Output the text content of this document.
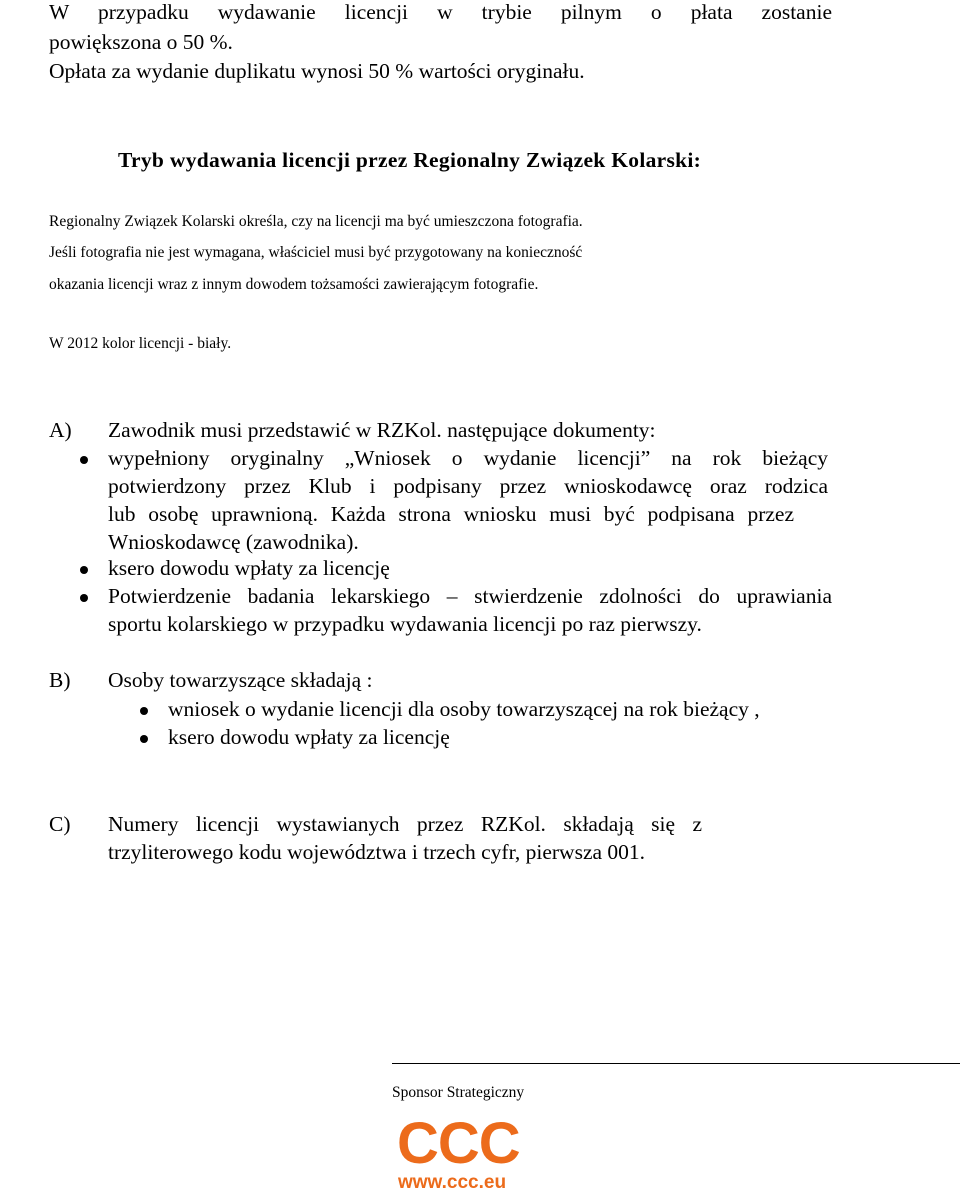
W przypadku wydawanie licencji w trybie pilnym o płata zostanie
powiększona o 50 %.
Opłata za wydanie duplikatu wynosi 50 % wartości oryginału.
Tryb wydawania licencji przez Regionalny Związek Kolarski:
Regionalny Związek Kolarski określa, czy na licencji ma być umieszczona fotografia.
Jeśli fotografia nie jest wymagana, właściciel musi być przygotowany na konieczność
okazania licencji wraz z innym dowodem tożsamości zawierającym fotografie.
W 2012 kolor licencji - biały.
A) Zawodnik musi przedstawić w RZKol. następujące dokumenty:
wypełniony oryginalny „Wniosek o wydanie licencji” na rok bieżący
potwierdzony przez Klub i podpisany przez wnioskodawcę oraz rodzica
lub osobę uprawnioną. Każda strona wniosku musi być podpisana przez
Wnioskodawcę (zawodnika).
ksero dowodu wpłaty za licencję
Potwierdzenie badania lekarskiego – stwierdzenie zdolności do uprawiania
sportu kolarskiego w przypadku wydawania licencji po raz pierwszy.
B) Osoby towarzyszące składają :
wniosek o wydanie licencji dla osoby towarzyszącej na rok bieżący ,
ksero dowodu wpłaty za licencję
C) Numery licencji wystawianych przez RZKol. składają się z
trzyliterowego kodu województwa i trzech cyfr, pierwsza 001.
Sponsor Strategiczny
CCC
www.ccc.eu
